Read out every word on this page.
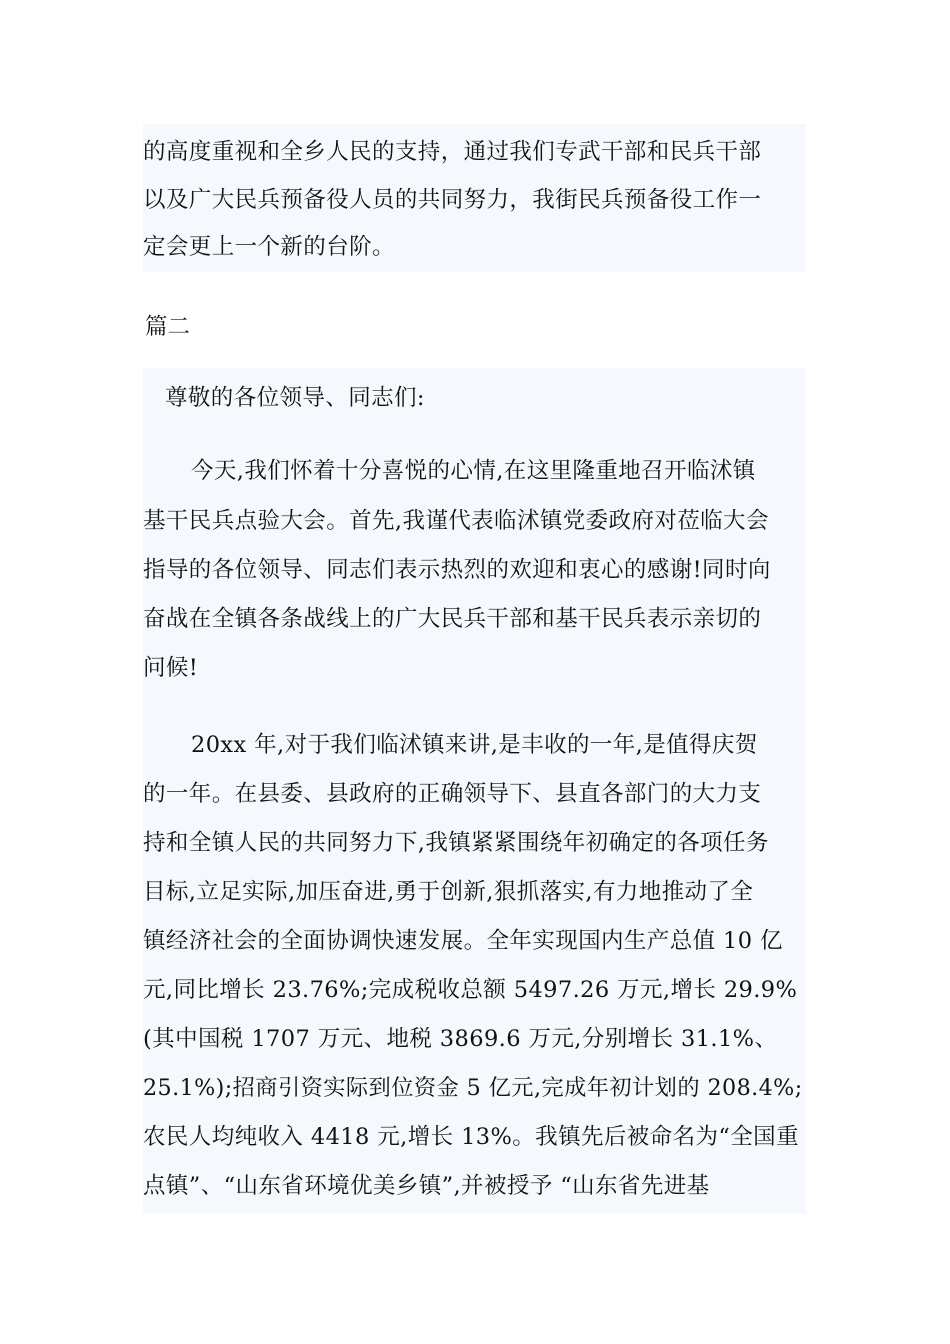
的高度重视和全乡人民的支持，通过我们专武干部和民兵干部
以及广大民兵预备役人员的共同努力，我街民兵预备役工作一
定会更上一个新的台阶。
篇二
尊敬的各位领导、同志们:
今天,我们怀着十分喜悦的心情,在这里隆重地召开临沭镇
基干民兵点验大会。首先,我谨代表临沭镇党委政府对莅临大会
指导的各位领导、同志们表示热烈的欢迎和衷心的感谢!同时向
奋战在全镇各条战线上的广大民兵干部和基干民兵表示亲切的
问候!
20xx 年,对于我们临沭镇来讲,是丰收的一年,是值得庆贺
的一年。在县委、县政府的正确领导下、县直各部门的大力支
持和全镇人民的共同努力下,我镇紧紧围绕年初确定的各项任务
目标,立足实际,加压奋进,勇于创新,狠抓落实,有力地推动了全
镇经济社会的全面协调快速发展。全年实现国内生产总值 10 亿
元,同比增长 23.76%;完成税收总额 5497.26 万元,增长 29.9%
(其中国税 1707 万元、地税 3869.6 万元,分别增长 31.1%、
25.1%);招商引资实际到位资金 5 亿元,完成年初计划的 208.4%;
农民人均纯收入 4418 元,增长 13%。我镇先后被命名为“全国重
点镇”、“山东省环境优美乡镇”,并被授予 “山东省先进基
